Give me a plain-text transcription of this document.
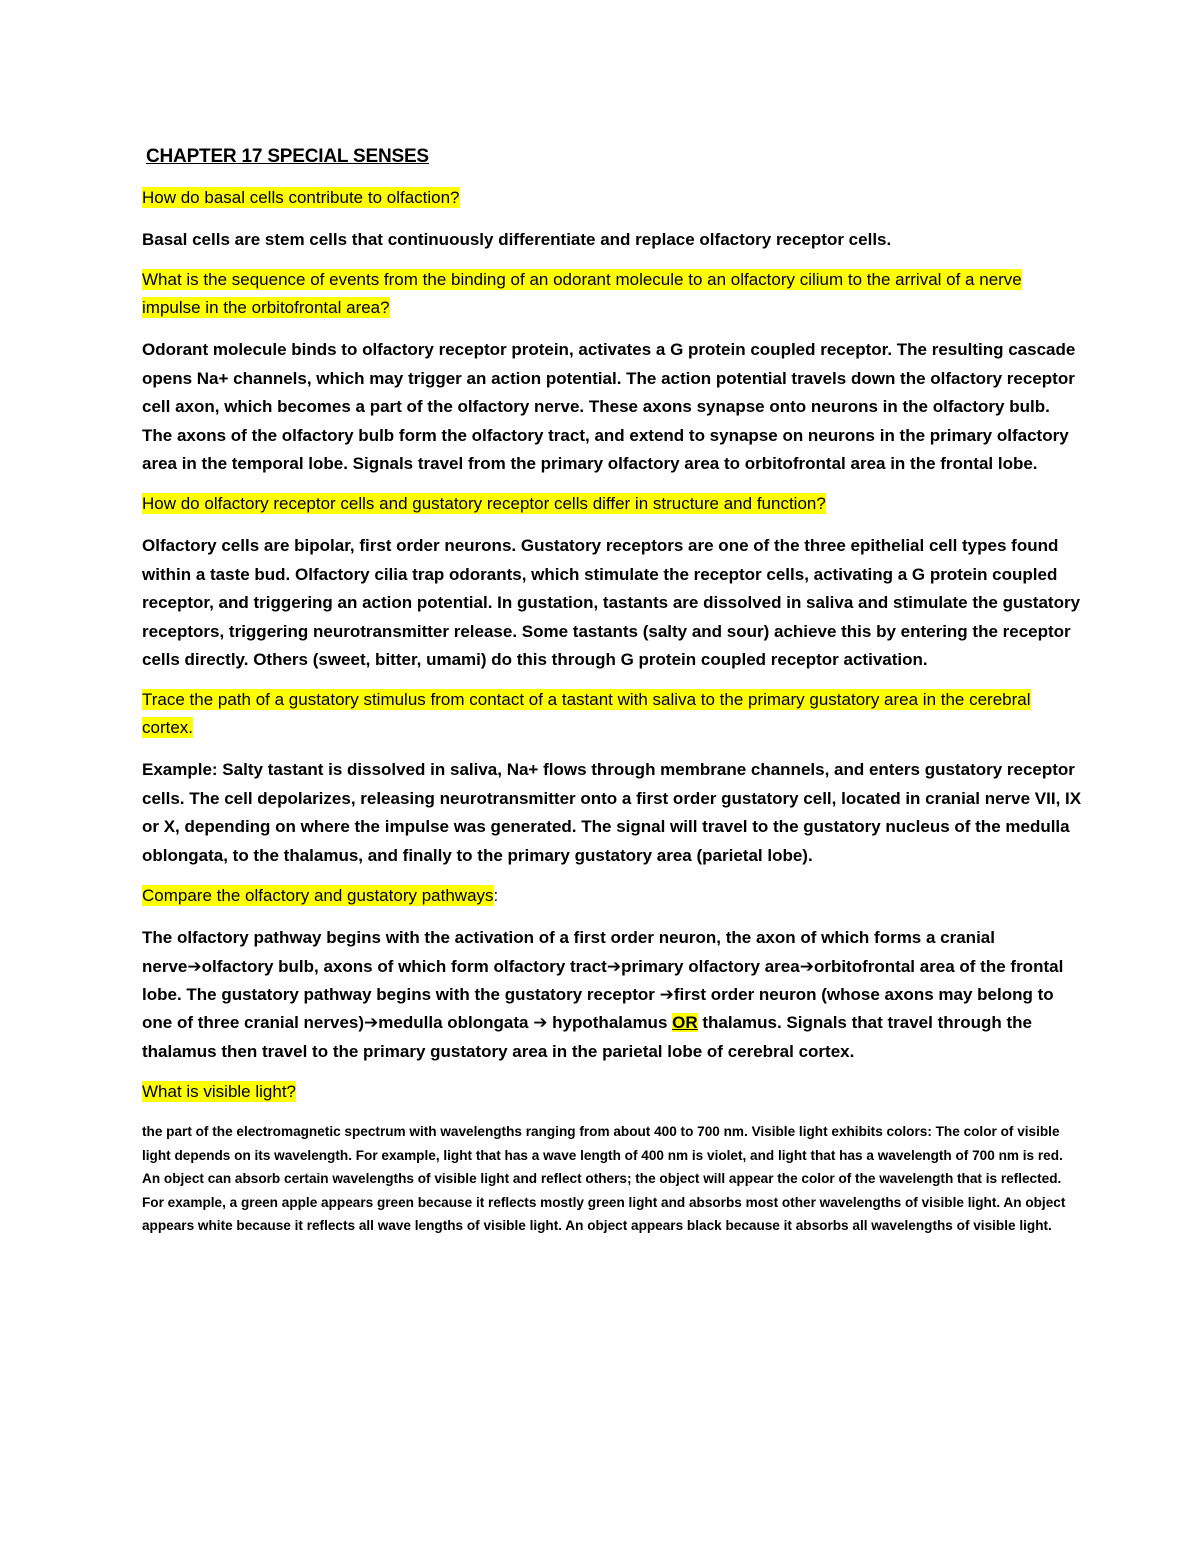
CHAPTER 17 SPECIAL SENSES
How do basal cells contribute to olfaction?
Basal cells are stem cells that continuously differentiate and replace olfactory receptor cells.
What is the sequence of events from the binding of an odorant molecule to an olfactory cilium to the arrival of a nerve impulse in the orbitofrontal area?
Odorant molecule binds to olfactory receptor protein, activates a G protein coupled receptor. The resulting cascade opens Na+ channels, which may trigger an action potential. The action potential travels down the olfactory receptor cell axon, which becomes a part of the olfactory nerve. These axons synapse onto neurons in the olfactory bulb. The axons of the olfactory bulb form the olfactory tract, and extend to synapse on neurons in the primary olfactory area in the temporal lobe. Signals travel from the primary olfactory area to orbitofrontal area in the frontal lobe.
How do olfactory receptor cells and gustatory receptor cells differ in structure and function?
Olfactory cells are bipolar, first order neurons. Gustatory receptors are one of the three epithelial cell types found within a taste bud. Olfactory cilia trap odorants, which stimulate the receptor cells, activating a G protein coupled receptor, and triggering an action potential. In gustation, tastants are dissolved in saliva and stimulate the gustatory receptors, triggering neurotransmitter release. Some tastants (salty and sour) achieve this by entering the receptor cells directly. Others (sweet, bitter, umami) do this through G protein coupled receptor activation.
Trace the path of a gustatory stimulus from contact of a tastant with saliva to the primary gustatory area in the cerebral cortex.
Example: Salty tastant is dissolved in saliva, Na+ flows through membrane channels, and enters gustatory receptor cells. The cell depolarizes, releasing neurotransmitter onto a first order gustatory cell, located in cranial nerve VII, IX or X, depending on where the impulse was generated. The signal will travel to the gustatory nucleus of the medulla oblongata, to the thalamus, and finally to the primary gustatory area (parietal lobe).
Compare the olfactory and gustatory pathways:
The olfactory pathway begins with the activation of a first order neuron, the axon of which forms a cranial nerve➔olfactory bulb, axons of which form olfactory tract➔primary olfactory area➔orbitofrontal area of the frontal lobe. The gustatory pathway begins with the gustatory receptor ➔first order neuron (whose axons may belong to one of three cranial nerves)➔medulla oblongata ➔ hypothalamus OR thalamus. Signals that travel through the thalamus then travel to the primary gustatory area in the parietal lobe of cerebral cortex.
What is visible light?
the part of the electromagnetic spectrum with wavelengths ranging from about 400 to 700 nm. Visible light exhibits colors: The color of visible light depends on its wavelength. For example, light that has a wave length of 400 nm is violet, and light that has a wavelength of 700 nm is red. An object can absorb certain wavelengths of visible light and reflect others; the object will appear the color of the wavelength that is reflected. For example, a green apple appears green because it reflects mostly green light and absorbs most other wavelengths of visible light. An object appears white because it reflects all wave lengths of visible light. An object appears black because it absorbs all wavelengths of visible light.
